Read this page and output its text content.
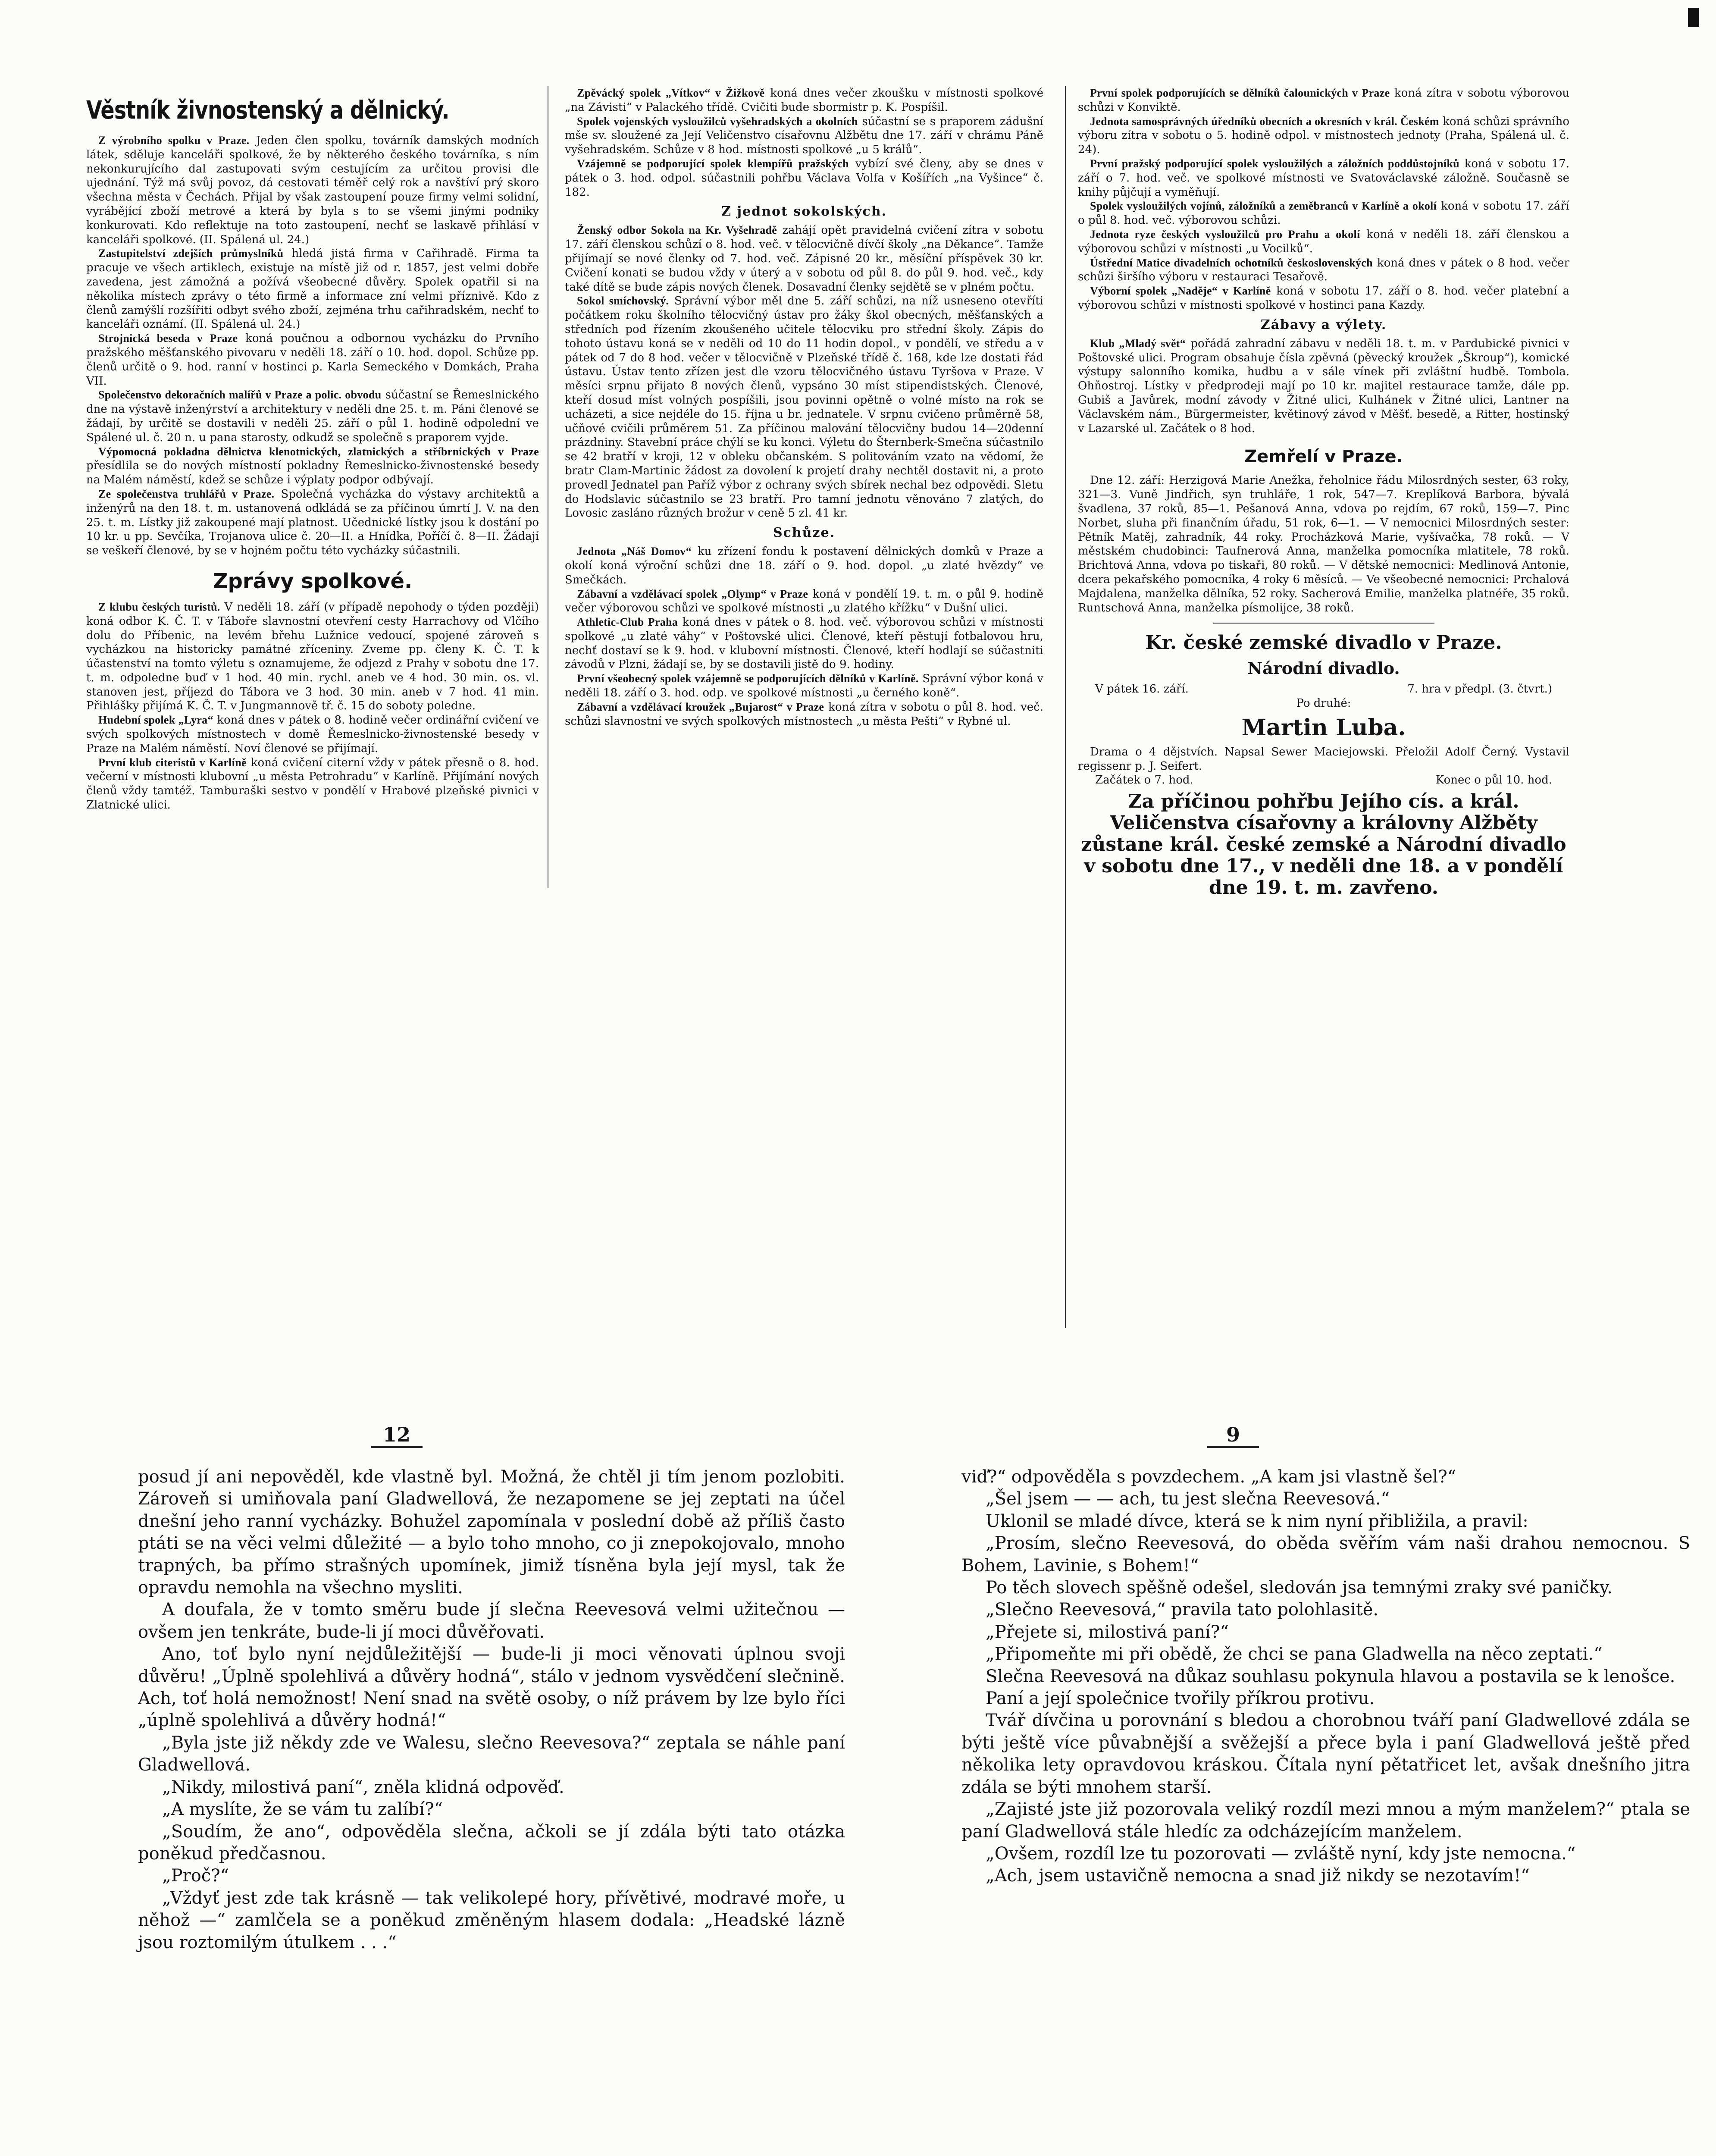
Věstník živnostenský a dělnický.

Z výrobního spolku v Praze. Jeden člen spolku, továrník damských modních látek, sděluje kanceláři spolkové, že by některého českého továrníka, s ním nekonkurujícího dal zastupovati svým cestujícím za určitou provisi dle ujednání. Týž má svůj povoz, dá cestovati téměř celý rok a navštíví prý skoro všechna města v Čechách. Přijal by však zastoupení pouze firmy velmi solidní, vyrábějící zboží metrové a která by byla s to se všemi jinými podniky konkurovati. Kdo reflektuje na toto zastoupení, nechť se laskavě přihlásí v kanceláři spolkové. (II. Spálená ul. 24.)

Zastupitelství zdejších průmyslníků hledá jistá firma v Cařihradě. Firma ta pracuje ve všech artiklech, existuje na místě již od r. 1857, jest velmi dobře zavedena, jest zámožná a požívá všeobecné důvěry. Spolek opatřil si na několika místech zprávy o této firmě a informace zní velmi příznivě. Kdo z členů zamýšlí rozšířiti odbyt svého zboží, zejména trhu cařihradském, nechť to kanceláři oznámí. (II. Spálená ul. 24.)

Strojnická beseda v Praze koná poučnou a odbornou vycházku do Prvního pražského měšťanského pivovaru v neděli 18. září o 10. hod. dopol. Schůze pp. členů určitě o 9. hod. ranní v hostinci p. Karla Semeckého v Domkách, Praha VII.

Společenstvo dekoračních malířů v Praze a polic. obvodu súčastní se Řemeslnického dne na výstavě inženýrství a architektury v neděli dne 25. t. m. Páni členové se žádají, by určitě se dostavili v neděli 25. září o půl 1. hodině odpolední ve Spálené ul. č. 20 n. u pana starosty, odkudž se společně s praporem vyjde.

Výpomocná pokladna dělnictva klenotnických, zlatnických a stříbrnických v Praze přesídlila se do nových místností pokladny Řemeslnicko-živnostenské besedy na Malém náměstí, kdež se schůze i výplaty podpor odbývají.

Ze společenstva truhlářů v Praze. Společná vycházka do výstavy architektů a inženýrů na den 18. t. m. ustanovená odkládá se za příčinou úmrtí J. V. na den 25. t. m. Lístky již zakoupené mají platnost. Učednické lístky jsou k dostání po 10 kr. u pp. Sevčíka, Trojanova ulice č. 20—II. a Hnídka, Poříčí č. 8—II. Žádají se veškeří členové, by se v hojném počtu této vycházky súčastnili.

Zprávy spolkové.

Z klubu českých turistů. V neděli 18. září (v případě nepohody o týden později) koná odbor K. Č. T. v Táboře slavnostní otevření cesty Harrachovy od Vlčího dolu do Příbenic, na levém břehu Lužnice vedoucí, spojené zároveň s vycházkou na historicky památné zříceniny. Zveme pp. členy K. Č. T. k účastenství na tomto výletu s oznamujeme, že odjezd z Prahy v sobotu dne 17. t. m. odpoledne buď v 1 hod. 40 min. rychl. aneb ve 4 hod. 30 min. os. vl. stanoven jest, příjezd do Tábora ve 3 hod. 30 min. aneb v 7 hod. 41 min. Přihlášky přijímá K. Č. T. v Jungmannově tř. č. 15 do soboty poledne.

Hudební spolek „Lyra“ koná dnes v pátek o 8. hodině večer ordinářní cvičení ve svých spolkových místnostech v domě Řemeslnicko-živnostenské besedy v Praze na Malém náměstí. Noví členové se přijímají.

První klub citeristů v Karlíně koná cvičení citerní vždy v pátek přesně o 8. hod. večerní v místnosti klubovní „u města Petrohradu“ v Karlíně. Přijímání nových členů vždy tamtéž. Tamburaški sestvo v pondělí v Hrabové plzeňské pivnici v Zlatnické ulici.

Zpěvácký spolek „Vítkov“ v Žižkově koná dnes večer zkoušku v místnosti spolkové „na Závisti“ v Palackého třídě. Cvičiti bude sbormistr p. K. Pospíšil.

Spolek vojenských vysloužilců vyšehradských a okolních súčastní se s praporem zádušní mše sv. sloužené za Její Veličenstvo císařovnu Alžbětu dne 17. září v chrámu Páně vyšehradském. Schůze v 8 hod. místnosti spolkové „u 5 králů“.

Vzájemně se podporující spolek klempířů pražských vybízí své členy, aby se dnes v pátek o 3. hod. odpol. súčastnili pohřbu Václava Volfa v Košířích „na Vyšince“ č. 182.

Z jednot sokolských.

Ženský odbor Sokola na Kr. Vyšehradě zahájí opět pravidelná cvičení zítra v sobotu 17. září členskou schůzí o 8. hod. več. v tělocvičně dívčí školy „na Děkance“. Tamže přijímají se nové členky od 7. hod. več. Zápisné 20 kr., měsíční příspěvek 30 kr. Cvičení konati se budou vždy v úterý a v sobotu od půl 8. do půl 9. hod. več., kdy také dítě se bude zápis nových členek. Dosavadní členky sejdětě se v plném počtu.

Sokol smíchovský. Správní výbor měl dne 5. září schůzi, na níž usneseno otevříti počátkem roku školního tělocvičný ústav pro žáky škol obecných, měšťanských a středních pod řízením zkoušeného učitele tělocviku pro střední školy. Zápis do tohoto ústavu koná se v neděli od 10 do 11 hodin dopol., v pondělí, ve středu a v pátek od 7 do 8 hod. večer v tělocvičně v Plzeňské třídě č. 168, kde lze dostati řád ústavu. Ústav tento zřízen jest dle vzoru tělocvičného ústavu Tyršova v Praze. V měsíci srpnu přijato 8 nových členů, vypsáno 30 míst stipendistských. Členové, kteří dosud míst volných pospíšili, jsou povinni opětně o volné místo na rok se ucházeti, a sice nejdéle do 15. října u br. jednatele. V srpnu cvičeno průměrně 58, učňové cvičili průměrem 51. Za příčinou malování tělocvičny budou 14—20denní prázdniny. Stavební práce chýlí se ku konci. Výletu do Šternberk-Smečna súčastnilo se 42 bratří v kroji, 12 v obleku občanském. S politováním vzato na vědomí, že bratr Clam-Martinic žádost za dovolení k projetí drahy nechtěl dostavit ni, a proto provedl Jednatel pan Paříž výbor z ochrany svých sbírek nechal bez odpovědi. Sletu do Hodslavic súčastnilo se 23 bratří. Pro tamní jednotu věnováno 7 zlatých, do Lovosic zasláno různých brožur v ceně 5 zl. 41 kr.

Schůze.

Jednota „Náš Domov“ ku zřízení fondu k postavení dělnických domků v Praze a okolí koná výroční schůzi dne 18. září o 9. hod. dopol. „u zlaté hvězdy“ ve Smečkách.

Zábavní a vzdělávací spolek „Olymp“ v Praze koná v pondělí 19. t. m. o půl 9. hodině večer výborovou schůzi ve spolkové místnosti „u zlatého křížku“ v Dušní ulici.

Athletic-Club Praha koná dnes v pátek o 8. hod. več. výborovou schůzi v místnosti spolkové „u zlaté váhy“ v Poštovské ulici. Členové, kteří pěstují fotbalovou hru, nechť dostaví se k 9. hod. v klubovní místnosti. Členové, kteří hodlají se súčastniti závodů v Plzni, žádají se, by se dostavili jistě do 9. hodiny.

První všeobecný spolek vzájemně se podporujících dělníků v Karlíně. Správní výbor koná v neděli 18. září o 3. hod. odp. ve spolkové místnosti „u černého koně“.

Zábavní a vzdělávací kroužek „Bujarost“ v Praze koná zítra v sobotu o půl 8. hod. več. schůzi slavnostní ve svých spolkových místnostech „u města Pešti“ v Rybné ul.

První spolek podporujících se dělníků čalounických v Praze koná zítra v sobotu výborovou schůzi v Konviktě.

Jednota samosprávných úředníků obecních a okresních v král. Českém koná schůzi správního výboru zítra v sobotu o 5. hodině odpol. v místnostech jednoty (Praha, Spálená ul. č. 24).

První pražský podporující spolek vysloužilých a záložních poddůstojníků koná v sobotu 17. září o 7. hod. več. ve spolkové místnosti ve Svatováclavské záložně. Současně se knihy půjčují a vyměňují.

Spolek vysloužilých vojínů, záložníků a zeměbranců v Karlíně a okolí koná v sobotu 17. září o půl 8. hod. več. výborovou schůzi.

Jednota ryze českých vysloužilců pro Prahu a okolí koná v neděli 18. září členskou a výborovou schůzi v místnosti „u Vocilků“.

Ústřední Matice divadelních ochotníků československých koná dnes v pátek o 8 hod. večer schůzi širšího výboru v restauraci Tesařově.

Výborní spolek „Naděje“ v Karlíně koná v sobotu 17. září o 8. hod. večer platební a výborovou schůzi v místnosti spolkové v hostinci pana Kazdy.

Zábavy a výlety.

Klub „Mladý svět“ pořádá zahradní zábavu v neděli 18. t. m. v Pardubické pivnici v Poštovské ulici. Program obsahuje čísla zpěvná (pěvecký kroužek „Škroup“), komické výstupy salonního komika, hudbu a v sále vínek při zvláštní hudbě. Tombola. Ohňostroj. Lístky v předprodeji mají po 10 kr. majitel restaurace tamže, dále pp. Gubiš a Javůrek, modní závody v Žitné ulici, Kulhánek v Žitné ulici, Lantner na Václavském nám., Bürgermeister, květinový závod v Měšť. besedě, a Ritter, hostinský v Lazarské ul. Začátek o 8 hod.

Zemřelí v Praze.

Dne 12. září: Herzigová Marie Anežka, řeholnice řádu Milosrdných sester, 63 roky, 321—3. Vuně Jindřich, syn truhláře, 1 rok, 547—7. Kreplíková Barbora, bývalá švadlena, 37 roků, 85—1. Pešanová Anna, vdova po rejdím, 67 roků, 159—7. Pinc Norbet, sluha při finančním úřadu, 51 rok, 6—1. — V nemocnici Milosrdných sester: Pětník Matěj, zahradník, 44 roky. Procházková Marie, vyšívačka, 78 roků. — V městském chudobinci: Taufnerová Anna, manželka pomocníka mlatitele, 78 roků. Brichtová Anna, vdova po tiskaři, 80 roků. — V dětské nemocnici: Medlinová Antonie, dcera pekařského pomocníka, 4 roky 6 měsíců. — Ve všeobecné nemocnici: Prchalová Majdalena, manželka dělníka, 52 roky. Sacherová Emilie, manželka platnéře, 35 roků. Runtschová Anna, manželka písmolijce, 38 roků.

Kr. české zemské divadlo v Praze.
Národní divadlo.
V pátek 16. září.	7. hra v předpl. (3. čtvrt.)

Po druhé:

Martin Luba.

Drama o 4 dějstvích. Napsal Sewer Maciejowski. Přeložil Adolf Černý. Vystavil regissenr p. J. Seifert.

Začátek o 7. hod.	Konec o půl 10. hod.

Za příčinou pohřbu Jejího cís. a král. Veličenstva císařovny a královny Alžběty zůstane král. české zemské a Národní divadlo v sobotu dne 17., v neděli dne 18. a v pondělí dne 19. t. m. zavřeno.

12	9

posud jí ani nepověděl, kde vlastně byl. Možná, že chtěl ji tím jenom pozlobiti. Zároveň si umiňovala paní Gladwellová, že nezapomene se jej zeptati na účel dnešní jeho ranní vycházky. Bohužel zapomínala v poslední době až příliš často ptáti se na věci velmi důležité — a bylo toho mnoho, co ji znepokojovalo, mnoho trapných, ba přímo strašných upomínek, jimiž tísněna byla její mysl, tak že opravdu nemohla na všechno mysliti.

A doufala, že v tomto směru bude jí slečna Reevesová velmi užitečnou — ovšem jen tenkráte, bude-li jí moci důvěřovati.

Ano, toť bylo nyní nejdůležitější — bude-li ji moci věnovati úplnou svoji důvěru! „Úplně spolehlivá a důvěry hodná“, stálo v jednom vysvědčení slečnině. Ach, toť holá nemožnost! Není snad na světě osoby, o níž právem by lze bylo říci „úplně spolehlivá a důvěry hodná!“

„Byla jste již někdy zde ve Walesu, slečno Reevesova?“ zeptala se náhle paní Gladwellová.

„Nikdy, milostivá paní“, zněla klidná odpověď.

„A myslíte, že se vám tu zalíbí?“

„Soudím, že ano“, odpověděla slečna, ačkoli se jí zdála býti tato otázka poněkud předčasnou.

„Proč?“

„Vždyť jest zde tak krásně — tak velikolepé hory, přívětivé, modravé moře, u něhož —“ zamlčela se a poněkud změněným hlasem dodala: „Headské lázně jsou roztomilým útulkem . . .“

viď?“ odpověděla s povzdechem. „A kam jsi vlastně šel?“

„Šel jsem — — ach, tu jest slečna Reevesová.“

Uklonil se mladé dívce, která se k nim nyní přibližila, a pravil:

„Prosím, slečno Reevesová, do oběda svěřím vám naši drahou nemocnou. S Bohem, Lavinie, s Bohem!“

Po těch slovech spěšně odešel, sledován jsa temnými zraky své paničky.

„Slečno Reevesová,“ pravila tato polohlasitě.

„Přejete si, milostivá paní?“

„Připomeňte mi při obědě, že chci se pana Gladwella na něco zeptati.“

Slečna Reevesová na důkaz souhlasu pokynula hlavou a postavila se k lenošce.

Paní a její společnice tvořily příkrou protivu.

Tvář dívčina u porovnání s bledou a chorobnou tváří paní Gladwellové zdála se býti ještě více půvabnější a svěžejší a přece byla i paní Gladwellová ještě před několika lety opravdovou kráskou. Čítala nyní pětatřicet let, avšak dnešního jitra zdála se býti mnohem starší.

„Zajisté jste již pozorovala veliký rozdíl mezi mnou a mým manželem?“ ptala se paní Gladwellová stále hledíc za odcházejícím manželem.

„Ovšem, rozdíl lze tu pozorovati — zvláště nyní, kdy jste nemocna.“

„Ach, jsem ustavičně nemocna a snad již nikdy se nezotavím!“
